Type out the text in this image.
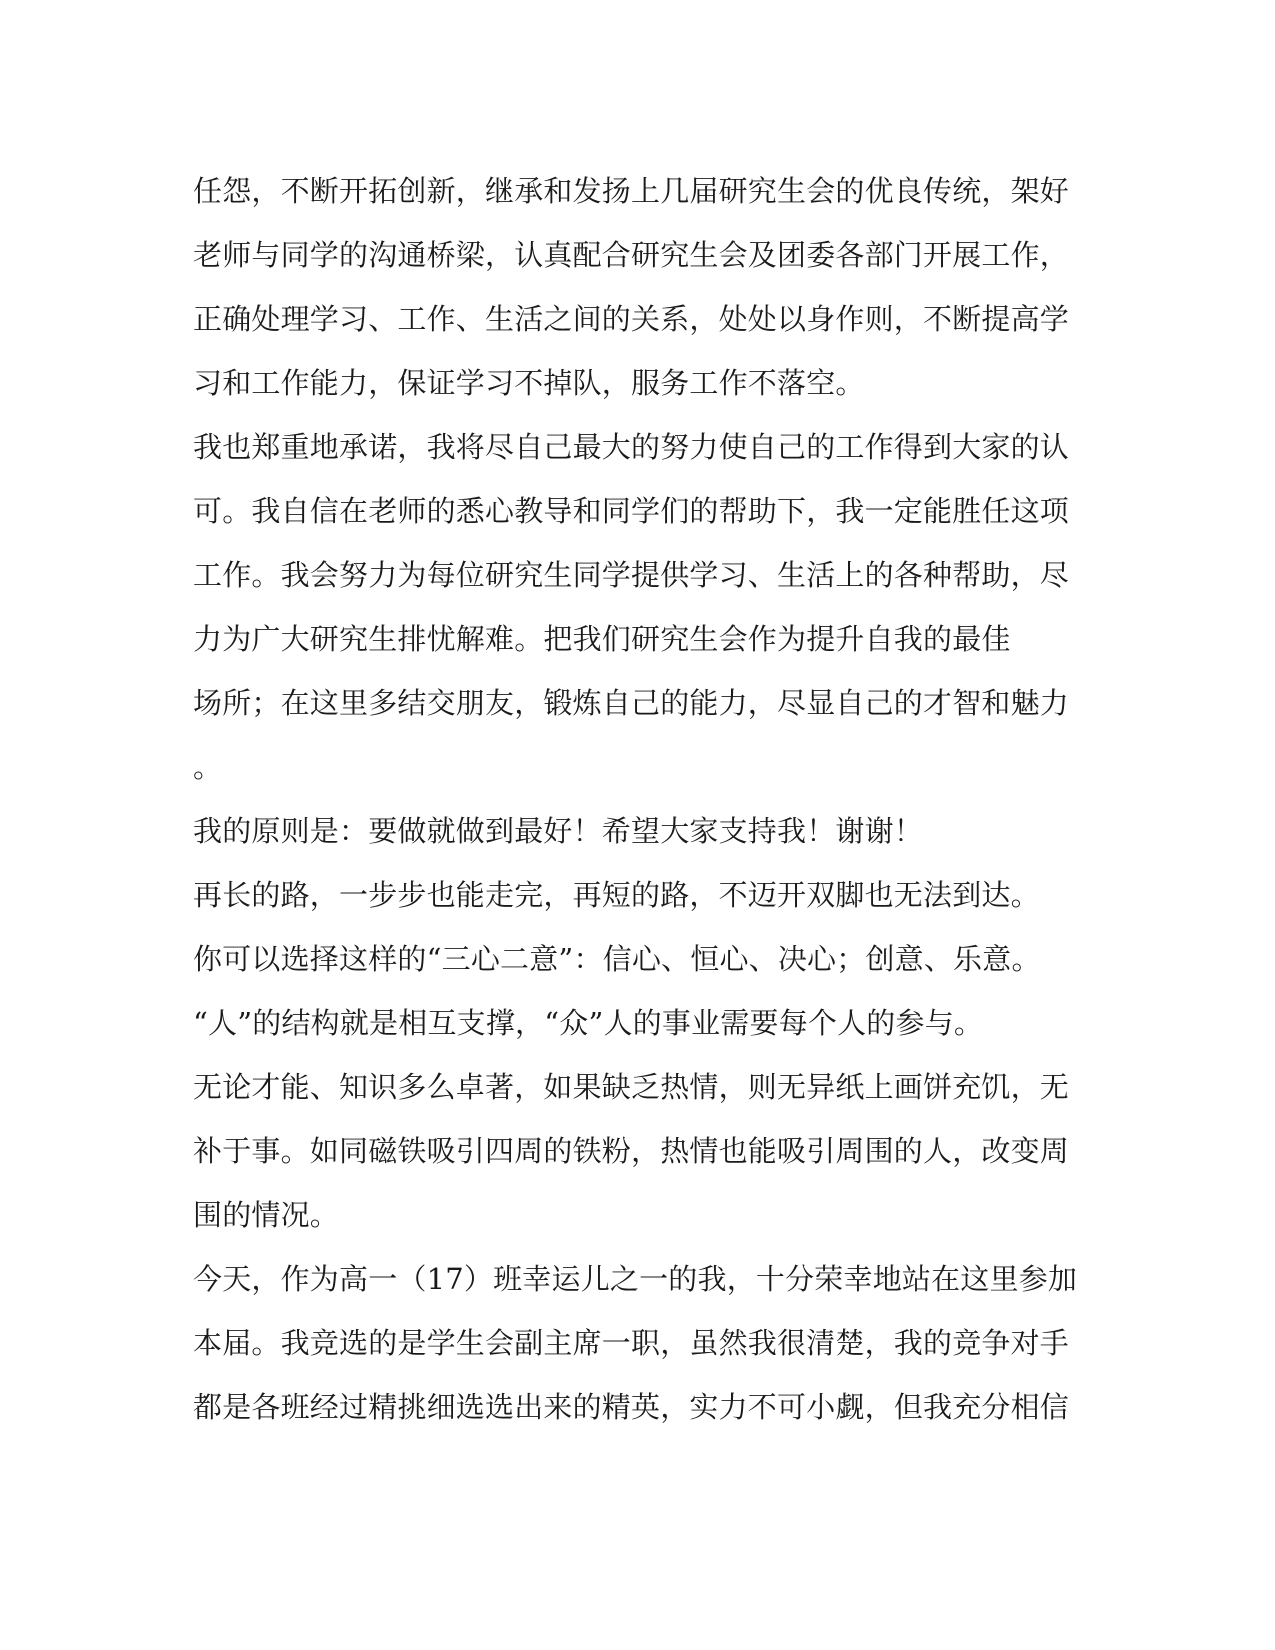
任怨，不断开拓创新，继承和发扬上几届研究生会的优良传统，架好
老师与同学的沟通桥梁，认真配合研究生会及团委各部门开展工作，
正确处理学习、工作、生活之间的关系，处处以身作则，不断提高学
习和工作能力，保证学习不掉队，服务工作不落空。
我也郑重地承诺，我将尽自己最大的努力使自己的工作得到大家的认
可。我自信在老师的悉心教导和同学们的帮助下，我一定能胜任这项
工作。我会努力为每位研究生同学提供学习、生活上的各种帮助，尽
力为广大研究生排忧解难。把我们研究生会作为提升自我的最佳
场所；在这里多结交朋友，锻炼自己的能力，尽显自己的才智和魅力
。
我的原则是：要做就做到最好！希望大家支持我！谢谢！
再长的路，一步步也能走完，再短的路，不迈开双脚也无法到达。
你可以选择这样的“三心二意”：信心、恒心、决心；创意、乐意。
“人”的结构就是相互支撑，“众”人的事业需要每个人的参与。
无论才能、知识多么卓著，如果缺乏热情，则无异纸上画饼充饥，无
补于事。如同磁铁吸引四周的铁粉，热情也能吸引周围的人，改变周
围的情况。
今天，作为高一（17）班幸运儿之一的我，十分荣幸地站在这里参加
本届。我竞选的是学生会副主席一职，虽然我很清楚，我的竞争对手
都是各班经过精挑细选选出来的精英，实力不可小觑，但我充分相信
